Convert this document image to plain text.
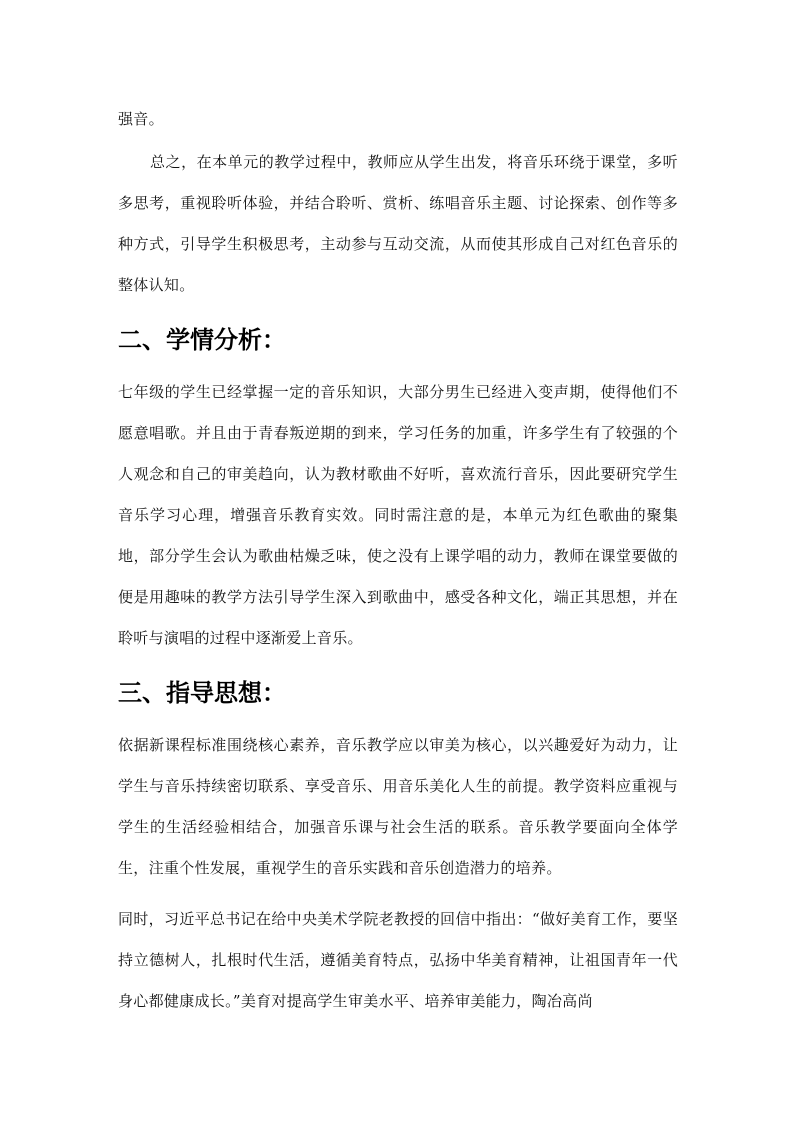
强音。

总之，在本单元的教学过程中，教师应从学生出发，将音乐环绕于课堂，多听多思考，重视聆听体验，并结合聆听、赏析、练唱音乐主题、讨论探索、创作等多种方式，引导学生积极思考，主动参与互动交流，从而使其形成自己对红色音乐的整体认知。

二、学情分析：

七年级的学生已经掌握一定的音乐知识，大部分男生已经进入变声期，使得他们不愿意唱歌。并且由于青春叛逆期的到来，学习任务的加重，许多学生有了较强的个人观念和自己的审美趋向，认为教材歌曲不好听，喜欢流行音乐，因此要研究学生音乐学习心理，增强音乐教育实效。同时需注意的是，本单元为红色歌曲的聚集地，部分学生会认为歌曲枯燥乏味，使之没有上课学唱的动力，教师在课堂要做的便是用趣味的教学方法引导学生深入到歌曲中，感受各种文化，端正其思想，并在聆听与演唱的过程中逐渐爱上音乐。

三、指导思想：

依据新课程标准围绕核心素养，音乐教学应以审美为核心，以兴趣爱好为动力，让学生与音乐持续密切联系、享受音乐、用音乐美化人生的前提。教学资料应重视与学生的生活经验相结合，加强音乐课与社会生活的联系。音乐教学要面向全体学生，注重个性发展，重视学生的音乐实践和音乐创造潜力的培养。

同时，习近平总书记在给中央美术学院老教授的回信中指出：“做好美育工作，要坚持立德树人，扎根时代生活，遵循美育特点，弘扬中华美育精神，让祖国青年一代身心都健康成长。”美育对提高学生审美水平、培养审美能力，陶冶高尚
